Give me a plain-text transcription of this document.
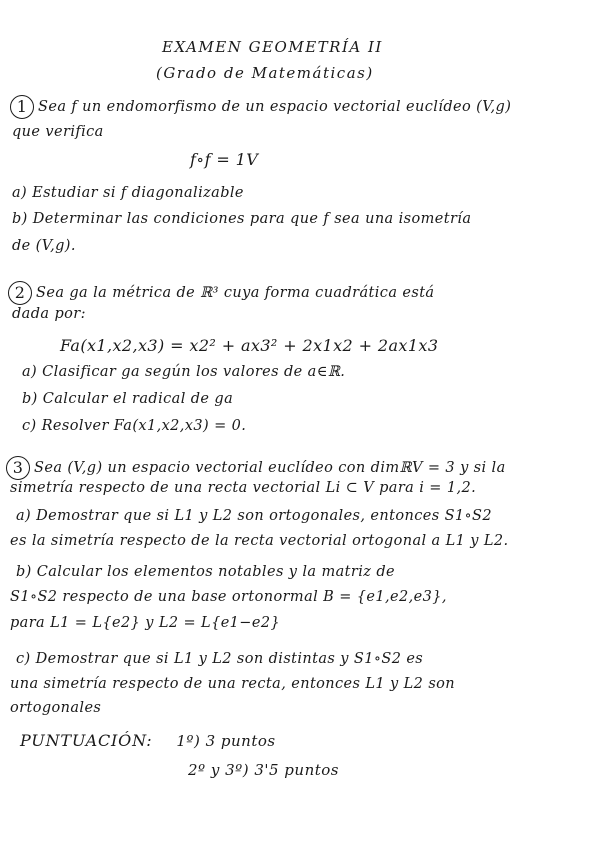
EXAMEN GEOMETRÍA II
(Grado de Matemáticas)
1 Sea f un endomorfismo de un espacio vectorial euclídeo (V,g)
que verifica
f∘f = 1V
a) Estudiar si f diagonalizable
b) Determinar las condiciones para que f sea una isometría
de (V,g).
2 Sea ga la métrica de ℝ³ cuya forma cuadrática está
dada por:
Fa(x1,x2,x3) = x2² + ax3² + 2x1x2 + 2ax1x3
a) Clasificar ga según los valores de a∈ℝ.
b) Calcular el radical de ga
c) Resolver Fa(x1,x2,x3) = 0.
3 Sea (V,g) un espacio vectorial euclídeo con dimℝV = 3 y si la
simetría respecto de una recta vectorial Li ⊂ V para i = 1,2.
a) Demostrar que si L1 y L2 son ortogonales, entonces S1∘S2
es la simetría respecto de la recta vectorial ortogonal a L1 y L2.
b) Calcular los elementos notables y la matriz de
S1∘S2 respecto de una base ortonormal B = {e1,e2,e3},
para L1 = L{e2} y L2 = L{e1−e2}
c) Demostrar que si L1 y L2 son distintas y S1∘S2 es
una simetría respecto de una recta, entonces L1 y L2 son
ortogonales
PUNTUACIÓN: 1º) 3 puntos
2º y 3º) 3'5 puntos
